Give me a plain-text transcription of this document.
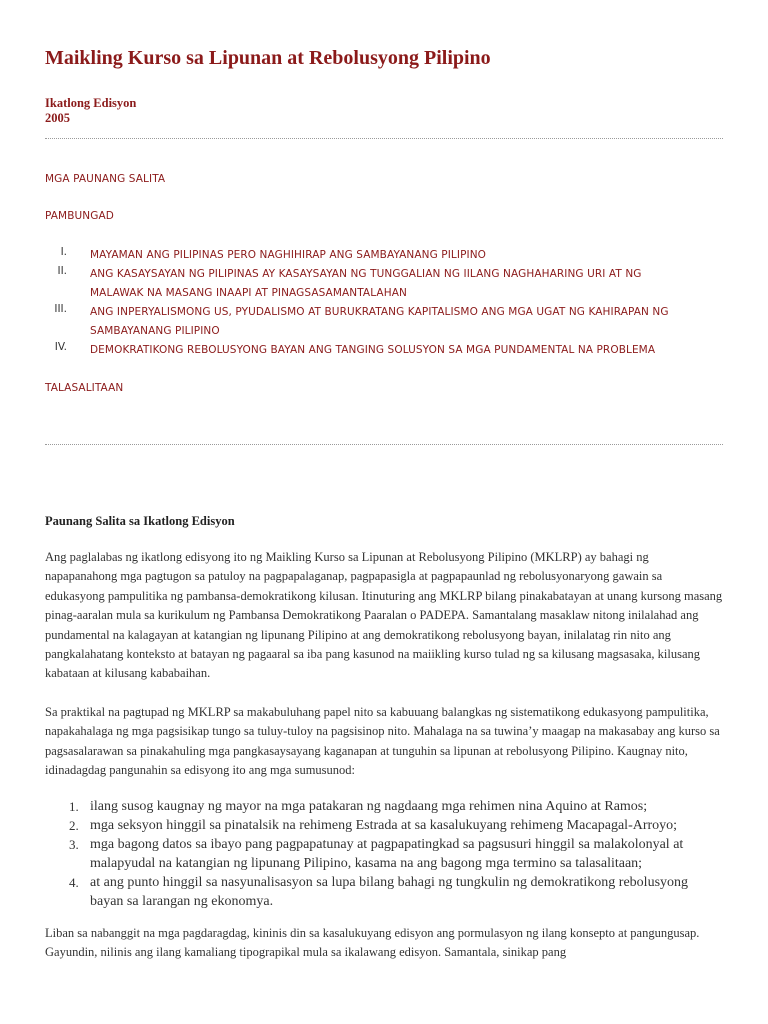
Maikling Kurso sa Lipunan at Rebolusyong Pilipino
Ikatlong Edisyon
2005
MGA PAUNANG SALITA
PAMBUNGAD
I. MAYAMAN ANG PILIPINAS PERO NAGHIHIRAP ANG SAMBAYANANG PILIPINO
II. ANG KASAYSAYAN NG PILIPINAS AY KASAYSAYAN NG TUNGGALIAN NG IILANG NAGHAHARING URI AT NG MALAWAK NA MASANG INAAPI AT PINAGSASAMANTALAHAN
III. ANG INPERYALISMONG US, PYUDALISMO AT BURUKRATANG KAPITALISMO ANG MGA UGAT NG KAHIRAPAN NG SAMBAYANANG PILIPINO
IV. DEMOKRATIKONG REBOLUSYONG BAYAN ANG TANGING SOLUSYON SA MGA PUNDAMENTAL NA PROBLEMA
TALASALITAAN
Paunang Salita sa Ikatlong Edisyon

Ang paglalabas ng ikatlong edisyong ito ng Maikling Kurso sa Lipunan at Rebolusyong Pilipino (MKLRP) ay bahagi ng napapanahong mga pagtugon sa patuloy na pagpapalaganap, pagpapasigla at pagpapaunlad ng rebolusyonaryong gawain sa edukasyong pampulitika ng pambansa-demokratikong kilusan. Itinuturing ang MKLRP bilang pinakabatayan at unang kursong masang pinag-aaralan mula sa kurikulum ng Pambansa Demokratikong Paaralan o PADEPA. Samantalang masaklaw nitong inilalahad ang pundamental na kalagayan at katangian ng lipunang Pilipino at ang demokratikong rebolusyong bayan, inilalatag rin nito ang pangkalahatang konteksto at batayan ng pagaaral sa iba pang kasunod na maiikling kurso tulad ng sa kilusang magsasaka, kilusang kabataan at kilusang kababaihan.

Sa praktikal na pagtupad ng MKLRP sa makabuluhang papel nito sa kabuuang balangkas ng sistematikong edukasyong pampulitika, napakahalaga ng mga pagsisikap tungo sa tuluy-tuloy na pagsisinop nito. Mahalaga na sa tuwina’y maagap na makasabay ang kurso sa pagsasalarawan sa pinakahuling mga pangkasaysayang kaganapan at tunguhin sa lipunan at rebolusyong Pilipino. Kaugnay nito, idinadagdag pangunahin sa edisyong ito ang mga sumusunod:

1. ilang susog kaugnay ng mayor na mga patakaran ng nagdaang mga rehimen nina Aquino at Ramos;
2. mga seksyon hinggil sa pinatalsik na rehimeng Estrada at sa kasalukuyang rehimeng Macapagal-Arroyo;
3. mga bagong datos sa ibayo pang pagpapatunay at pagpapatingkad sa pagsusuri hinggil sa malakolonyal at malapyudal na katangian ng lipunang Pilipino, kasama na ang bagong mga termino sa talasalitaan;
4. at ang punto hinggil sa nasyunalisasyon sa lupa bilang bahagi ng tungkulin ng demokratikong rebolusyong bayan sa larangan ng ekonomya.

Liban sa nabanggit na mga pagdaragdag, kininis din sa kasalukuyang edisyon ang pormulasyon ng ilang konsepto at pangungusap. Gayundin, nilinis ang ilang kamaliang tipograpikal mula sa ikalawang edisyon. Samantala, sinikap pang
